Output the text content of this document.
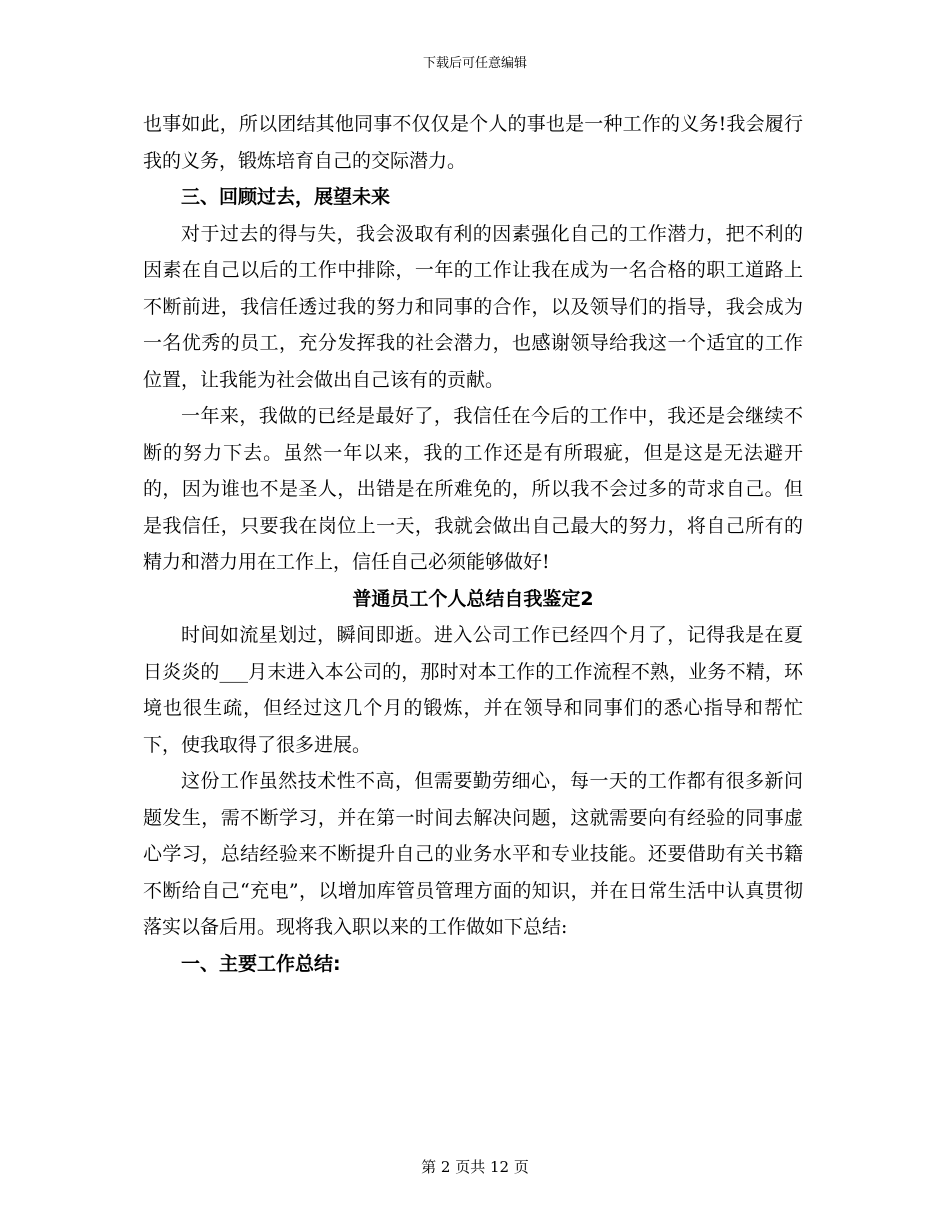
下载后可任意编辑

也事如此，所以团结其他同事不仅仅是个人的事也是一种工作的义务!我会履行我的义务，锻炼培育自己的交际潜力。

三、回顾过去，展望未来

对于过去的得与失，我会汲取有利的因素强化自己的工作潜力，把不利的因素在自己以后的工作中排除，一年的工作让我在成为一名合格的职工道路上不断前进，我信任透过我的努力和同事的合作，以及领导们的指导，我会成为一名优秀的员工，充分发挥我的社会潜力，也感谢领导给我这一个适宜的工作位置，让我能为社会做出自己该有的贡献。

一年来，我做的已经是最好了，我信任在今后的工作中，我还是会继续不断的努力下去。虽然一年以来，我的工作还是有所瑕疵，但是这是无法避开的，因为谁也不是圣人，出错是在所难免的，所以我不会过多的苛求自己。但是我信任，只要我在岗位上一天，我就会做出自己最大的努力，将自己所有的精力和潜力用在工作上，信任自己必须能够做好!

普通员工个人总结自我鉴定2

时间如流星划过，瞬间即逝。进入公司工作已经四个月了，记得我是在夏日炎炎的___月末进入本公司的，那时对本工作的工作流程不熟，业务不精，环境也很生疏，但经过这几个月的锻炼，并在领导和同事们的悉心指导和帮忙下，使我取得了很多进展。

这份工作虽然技术性不高，但需要勤劳细心，每一天的工作都有很多新问题发生，需不断学习，并在第一时间去解决问题，这就需要向有经验的同事虚心学习，总结经验来不断提升自己的业务水平和专业技能。还要借助有关书籍不断给自己“充电”，以增加库管员管理方面的知识，并在日常生活中认真贯彻落实以备后用。现将我入职以来的工作做如下总结:

一、主要工作总结:

第 2 页共 12 页
